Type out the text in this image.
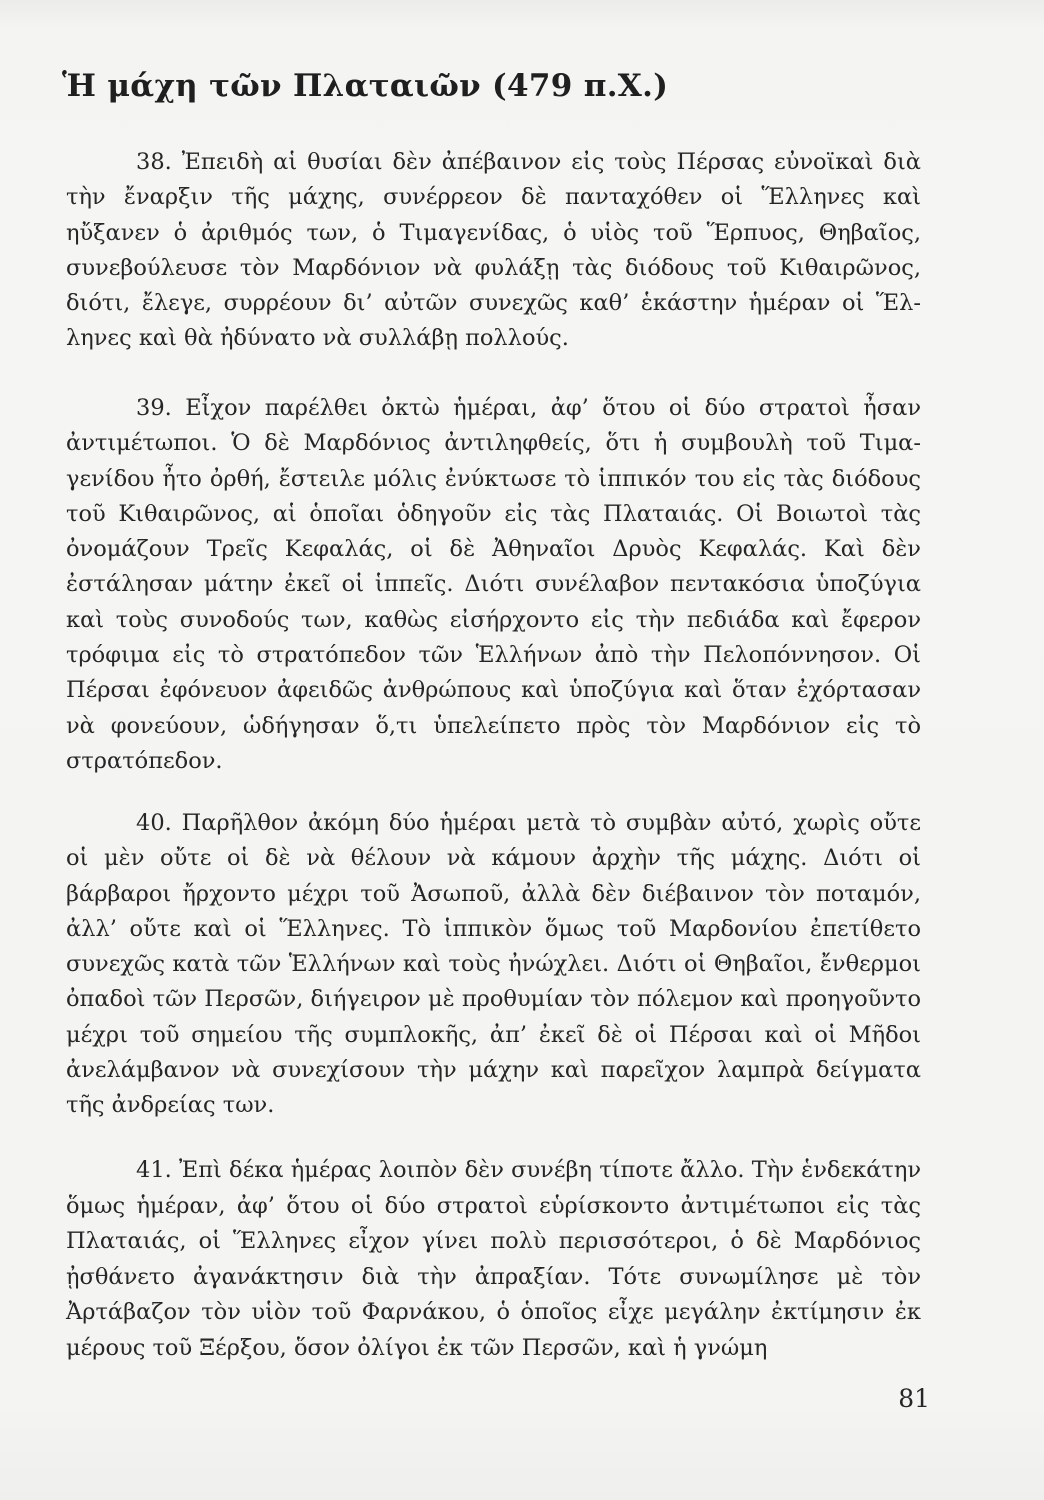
Ἡ μάχη τῶν Πλαταιῶν (479 π.Χ.)

38. Ἐπειδὴ αἱ θυσίαι δὲν ἀπέβαινον εἰς τοὺς Πέρσας εὐνοϊκαὶ διὰ τὴν ἔναρξιν τῆς μάχης, συνέρρεον δὲ πανταχόθεν οἱ Ἕλληνες καὶ ηὔξανεν ὁ ἀριθμός των, ὁ Τιμαγενίδας, ὁ υἱὸς τοῦ Ἕρπυος, Θηβαῖος, συνεβούλευσε τὸν Μαρδόνιον νὰ φυλάξῃ τὰς διόδους τοῦ Κιθαιρῶνος, διότι, ἔλεγε, συρρέουν δι’ αὐτῶν συνεχῶς καθ’ ἑκάστην ἡμέραν οἱ Ἕλληνες καὶ θὰ ἠδύνατο νὰ συλλάβῃ πολλούς.

39. Εἶχον παρέλθει ὀκτὼ ἡμέραι, ἀφ’ ὅτου οἱ δύο στρατοὶ ἦσαν ἀντιμέτωποι. Ὁ δὲ Μαρδόνιος ἀντιληφθείς, ὅτι ἡ συμβουλὴ τοῦ Τιμαγενίδου ἦτο ὀρθή, ἔστειλε μόλις ἐνύκτωσε τὸ ἱππικόν του εἰς τὰς διόδους τοῦ Κιθαιρῶνος, αἱ ὁποῖαι ὁδηγοῦν εἰς τὰς Πλαταιάς. Οἱ Βοιωτοὶ τὰς ὀνομάζουν Τρεῖς Κεφαλάς, οἱ δὲ Ἀθηναῖοι Δρυὸς Κεφαλάς. Καὶ δὲν ἐστάλησαν μάτην ἐκεῖ οἱ ἱππεῖς. Διότι συνέλαβον πεντακόσια ὑποζύγια καὶ τοὺς συνοδούς των, καθὼς εἰσήρχοντο εἰς τὴν πεδιάδα καὶ ἔφερον τρόφιμα εἰς τὸ στρατόπεδον τῶν Ἑλλήνων ἀπὸ τὴν Πελοπόννησον. Οἱ Πέρσαι ἐφόνευον ἀφειδῶς ἀνθρώπους καὶ ὑποζύγια καὶ ὅταν ἐχόρτασαν νὰ φονεύουν, ὡδήγησαν ὅ,τι ὑπελείπετο πρὸς τὸν Μαρδόνιον εἰς τὸ στρατόπεδον.

40. Παρῆλθον ἀκόμη δύο ἡμέραι μετὰ τὸ συμβὰν αὐτό, χωρὶς οὔτε οἱ μὲν οὔτε οἱ δὲ νὰ θέλουν νὰ κάμουν ἀρχὴν τῆς μάχης. Διότι οἱ βάρβαροι ἤρχοντο μέχρι τοῦ Ἀσωποῦ, ἀλλὰ δὲν διέβαινον τὸν ποταμόν, ἀλλ’ οὔτε καὶ οἱ Ἕλληνες. Τὸ ἱππικὸν ὅμως τοῦ Μαρδονίου ἐπετίθετο συνεχῶς κατὰ τῶν Ἑλλήνων καὶ τοὺς ἠνώχλει. Διότι οἱ Θηβαῖοι, ἔνθερμοι ὀπαδοὶ τῶν Περσῶν, διήγειρον μὲ προθυμίαν τὸν πόλεμον καὶ προηγοῦντο μέχρι τοῦ σημείου τῆς συμπλοκῆς, ἀπ’ ἐκεῖ δὲ οἱ Πέρσαι καὶ οἱ Μῆδοι ἀνελάμβανον νὰ συνεχίσουν τὴν μάχην καὶ παρεῖχον λαμπρὰ δείγματα τῆς ἀνδρείας των.

41. Ἐπὶ δέκα ἡμέρας λοιπὸν δὲν συνέβη τίποτε ἄλλο. Τὴν ἑνδεκάτην ὅμως ἡμέραν, ἀφ’ ὅτου οἱ δύο στρατοὶ εὑρίσκοντο ἀντιμέτωποι εἰς τὰς Πλαταιάς, οἱ Ἕλληνες εἶχον γίνει πολὺ περισσότεροι, ὁ δὲ Μαρδόνιος ᾐσθάνετο ἀγανάκτησιν διὰ τὴν ἀπραξίαν. Τότε συνωμίλησε μὲ τὸν Ἀρτάβαζον τὸν υἱὸν τοῦ Φαρνάκου, ὁ ὁποῖος εἶχε μεγάλην ἐκτίμησιν ἐκ μέρους τοῦ Ξέρξου, ὅσον ὀλίγοι ἐκ τῶν Περσῶν, καὶ ἡ γνώμη

81
